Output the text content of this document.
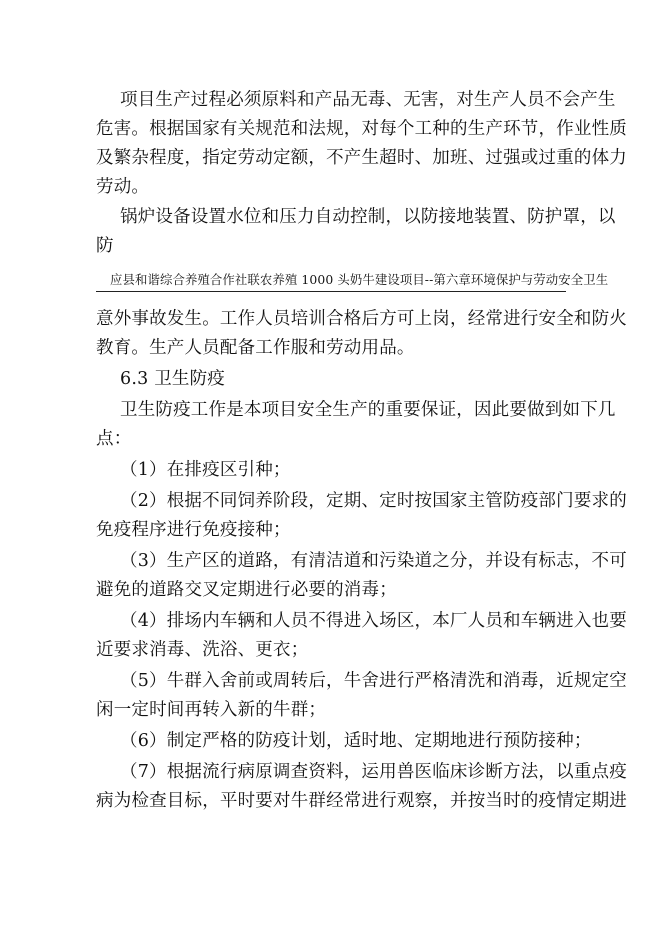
项目生产过程必须原料和产品无毒、无害，对生产人员不会产生
危害。根据国家有关规范和法规，对每个工种的生产环节，作业性质
及繁杂程度，指定劳动定额，不产生超时、加班、过强或过重的体力
劳动。
锅炉设备设置水位和压力自动控制，以防接地装置、防护罩，以
防
应县和谐综合养殖合作社联农养殖 1000 头奶牛建设项目--第六章环境保护与劳动安全卫生
意外事故发生。工作人员培训合格后方可上岗，经常进行安全和防火
教育。生产人员配备工作服和劳动用品。
6.3 卫生防疫
卫生防疫工作是本项目安全生产的重要保证，因此要做到如下几
点：
（1）在排疫区引种；
（2）根据不同饲养阶段，定期、定时按国家主管防疫部门要求的
免疫程序进行免疫接种；
（3）生产区的道路，有清洁道和污染道之分，并设有标志，不可
避免的道路交叉定期进行必要的消毒；
（4）排场内车辆和人员不得进入场区，本厂人员和车辆进入也要
近要求消毒、洗浴、更衣；
（5）牛群入舍前或周转后，牛舍进行严格清洗和消毒，近规定空
闲一定时间再转入新的牛群；
（6）制定严格的防疫计划，适时地、定期地进行预防接种；
（7）根据流行病原调查资料，运用兽医临床诊断方法，以重点疫
病为检查目标，平时要对牛群经常进行观察，并按当时的疫情定期进
